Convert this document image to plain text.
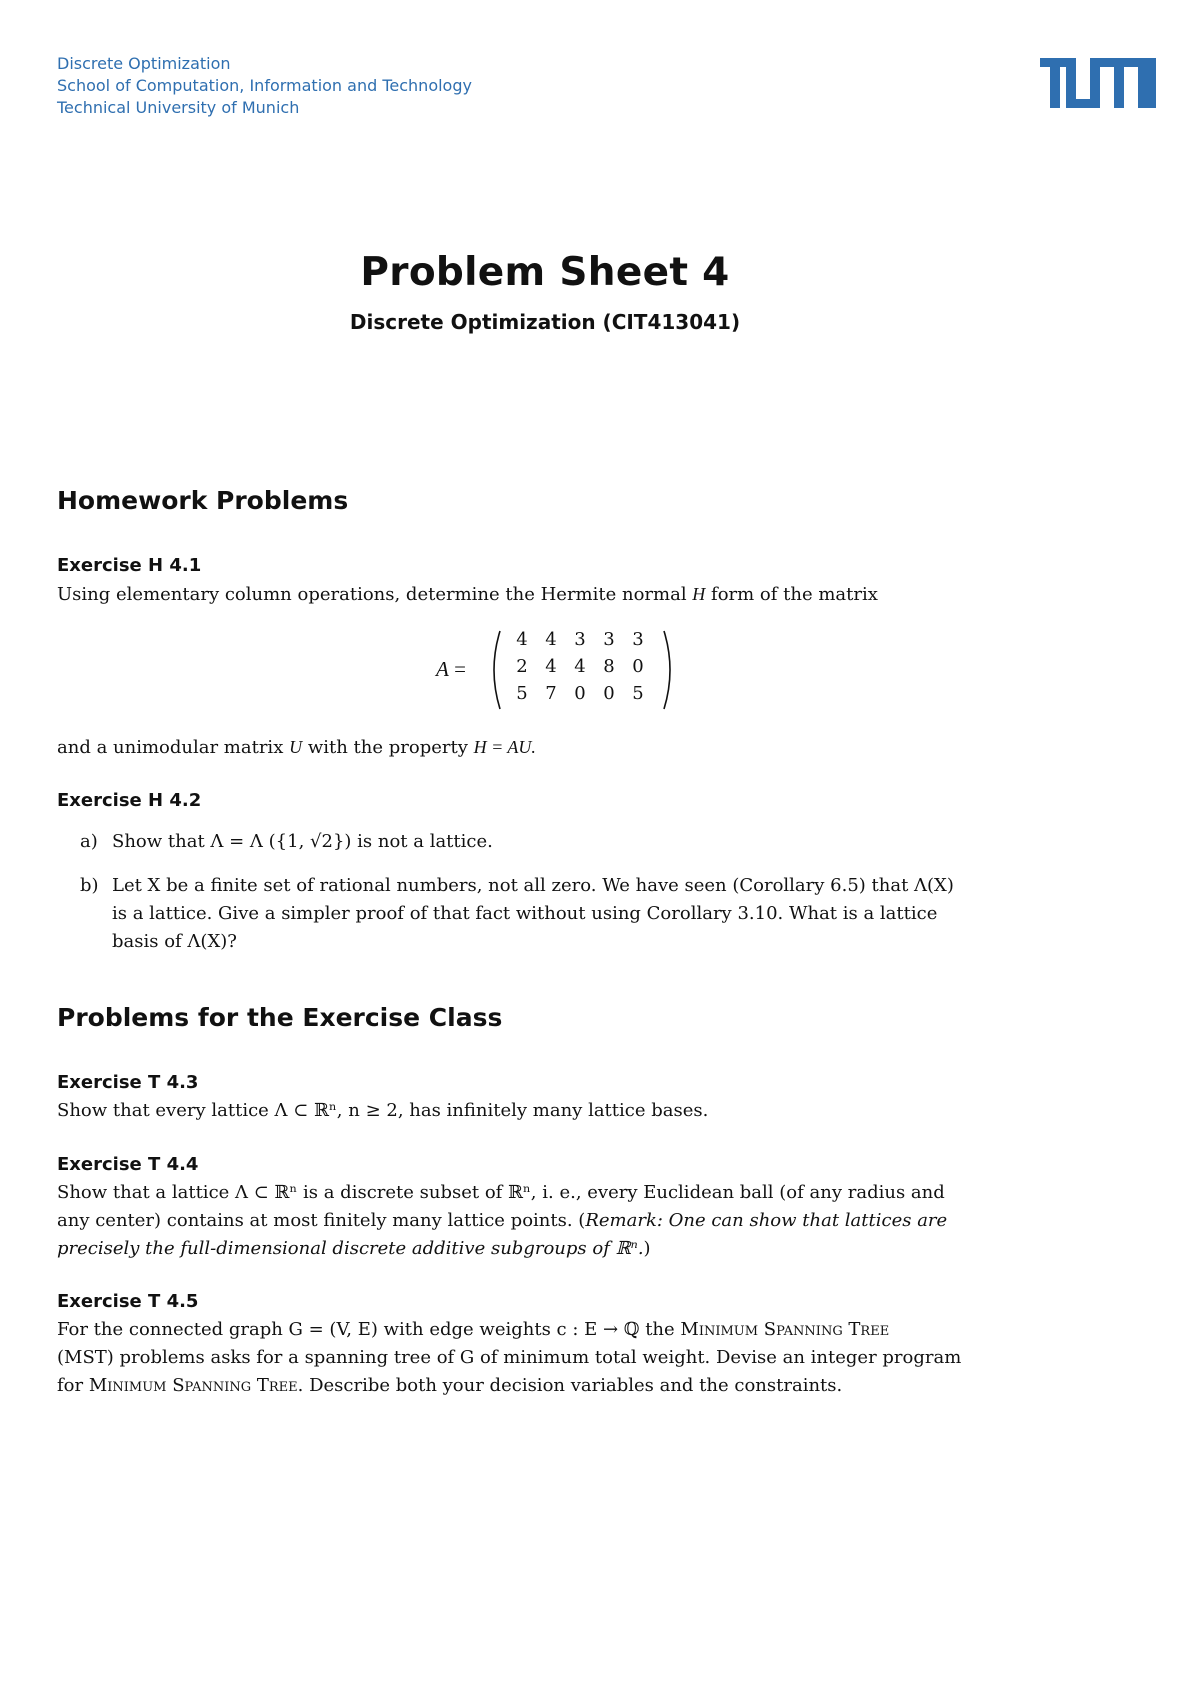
Discrete Optimization
School of Computation, Information and Technology
Technical University of Munich
Problem Sheet 4
Discrete Optimization (CIT413041)
Homework Problems
Exercise H 4.1
Using elementary column operations, determine the Hermite normal H form of the matrix
A =
4 4 3 3 3
2 4 4 8 0
5 7 0 0 5
and a unimodular matrix U with the property H = AU.
Exercise H 4.2
a) Show that Λ = Λ ({1, √2}) is not a lattice.
b) Let X be a finite set of rational numbers, not all zero. We have seen (Corollary 6.5) that Λ(X)
is a lattice. Give a simpler proof of that fact without using Corollary 3.10. What is a lattice
basis of Λ(X)?
Problems for the Exercise Class
Exercise T 4.3
Show that every lattice Λ ⊂ ℝⁿ, n ≥ 2, has infinitely many lattice bases.
Exercise T 4.4
Show that a lattice Λ ⊂ ℝⁿ is a discrete subset of ℝⁿ, i. e., every Euclidean ball (of any radius and
any center) contains at most finitely many lattice points. (Remark: One can show that lattices are
precisely the full-dimensional discrete additive subgroups of ℝⁿ.)
Exercise T 4.5
For the connected graph G = (V, E) with edge weights c : E → ℚ the Minimum Spanning Tree
(MST) problems asks for a spanning tree of G of minimum total weight. Devise an integer program
for Minimum Spanning Tree. Describe both your decision variables and the constraints.
